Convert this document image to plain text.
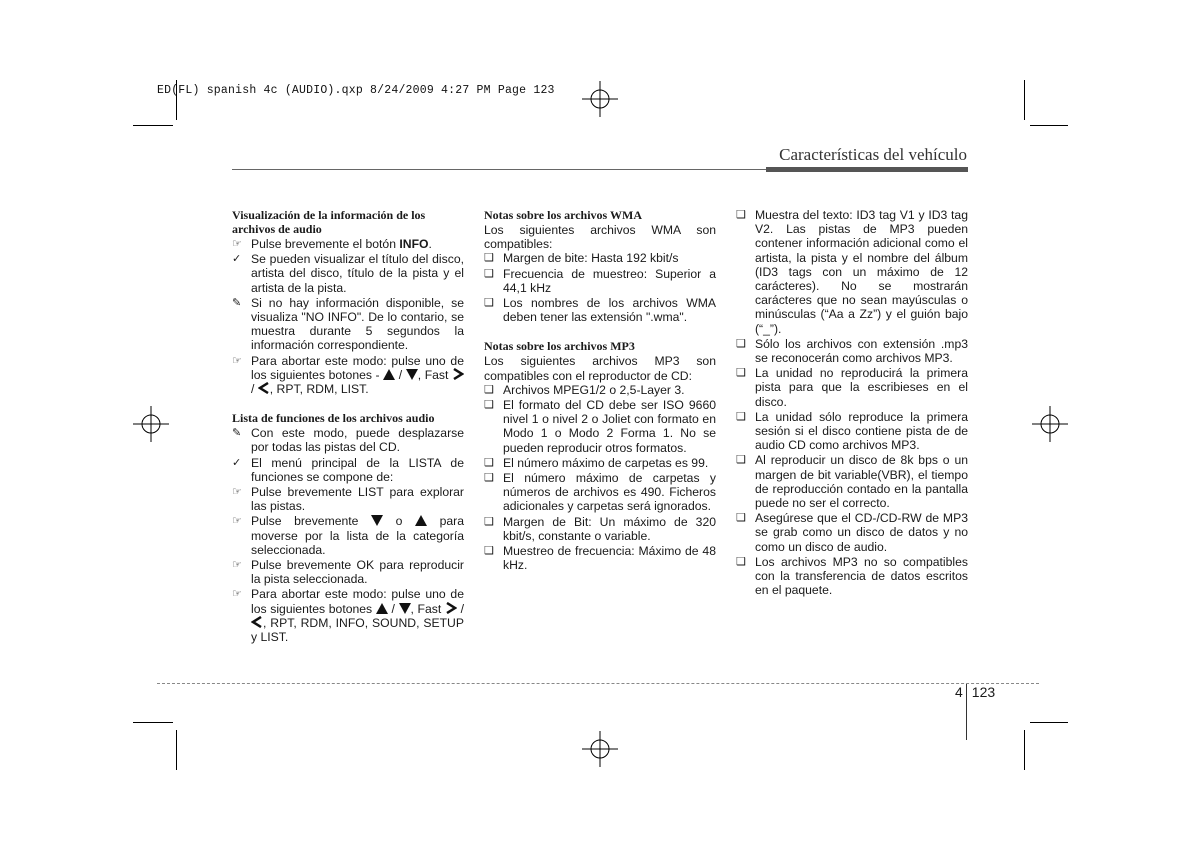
ED(FL) spanish 4c (AUDIO).qxp 8/24/2009 4:27 PM Page 123
Características del vehículo
Visualización de la información de los archivos de audio
☞ Pulse brevemente el botón INFO.
✓ Se pueden visualizar el título del disco, artista del disco, título de la pista y el artista de la pista.
✎ Si no hay información disponible, se visualiza "NO INFO". De lo contario, se muestra durante 5 segundos la información correspondiente.
☞ Para abortar este modo: pulse uno de los siguientes botones -  / , Fast  / , RPT, RDM, LIST.
Lista de funciones de los archivos audio
✎ Con este modo, puede desplazarse por todas las pistas del CD.
✓ El menú principal de la LISTA de funciones se compone de:
☞ Pulse brevemente LIST para explorar las pistas.
☞ Pulse brevemente  o  para moverse por la lista de la categoría seleccionada.
☞ Pulse brevemente OK para reproducir la pista seleccionada.
☞ Para abortar este modo: pulse uno de los siguientes botones  / , Fast  / , RPT, RDM, INFO, SOUND, SETUP y LIST.
Notas sobre los archivos WMA

Los siguientes archivos WMA son compatibles:

❑ Margen de bite: Hasta 192 kbit/s
❑ Frecuencia de muestreo: Superior a 44,1 kHz
❑ Los nombres de los archivos WMA deben tener las extensión ".wma".
Notas sobre los archivos MP3

Los siguientes archivos MP3 son compatibles con el reproductor de CD:

❑ Archivos MPEG1/2 o 2,5-Layer 3.
❑ El formato del CD debe ser ISO 9660 nivel 1 o nivel 2 o Joliet con formato en Modo 1 o Modo 2 Forma 1. No se pueden reproducir otros formatos.
❑ El número máximo de carpetas es 99.
❑ El número máximo de carpetas y números de archivos es 490. Ficheros adicionales y carpetas será ignorados.
❑ Margen de Bit: Un máximo de 320 kbit/s, constante o variable.
❑ Muestreo de frecuencia: Máximo de 48 kHz.
❑ Muestra del texto: ID3 tag V1 y ID3 tag V2. Las pistas de MP3 pueden contener información adicional como el artista, la pista y el nombre del álbum (ID3 tags con un máximo de 12 carácteres). No se mostrarán carácteres que no sean mayúsculas o minúsculas (“Aa a Zz”) y el guión bajo (“_”).
❑ Sólo los archivos con extensión .mp3 se reconocerán como archivos MP3.
❑ La unidad no reproducirá la primera pista para que la escribieses en el disco.
❑ La unidad sólo reproduce la primera sesión si el disco contiene pista de de audio CD como archivos MP3.
❑ Al reproducir un disco de 8k bps o un margen de bit variable(VBR), el tiempo de reproducción contado en la pantalla puede no ser el correcto.
❑ Asegúrese que el CD-/CD-RW de MP3 se grab como un disco de datos y no como un disco de audio.
❑ Los archivos MP3 no so compatibles con la transferencia de datos escritos en el paquete.
4 123
